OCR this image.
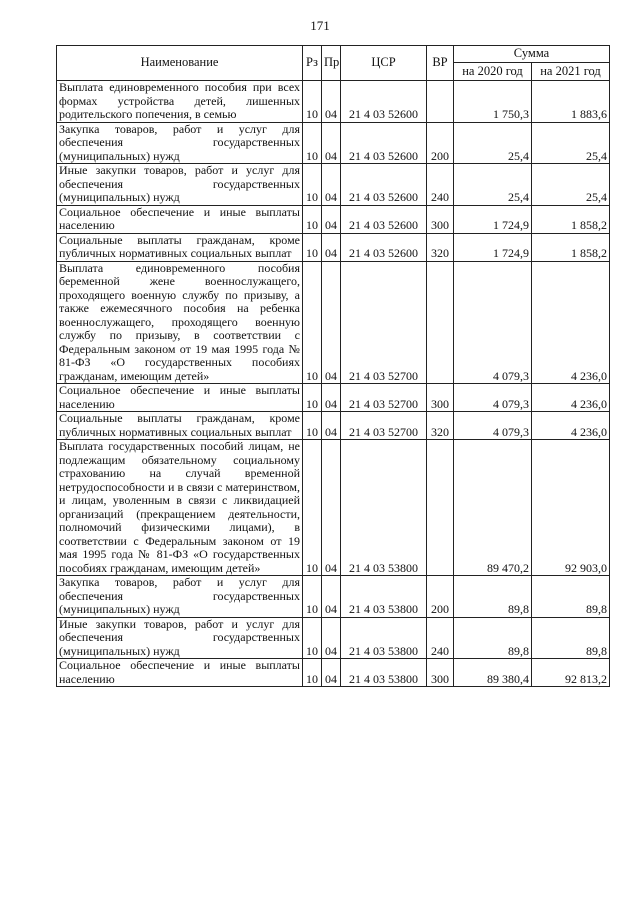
171
Наименование	Рз	Пр	ЦСР	ВР	Сумма	
					на 2020 год	на 2021 год
Выплата единовременного пособия при всех формах устройства детей, лишенных родительского попечения, в семью	10	04	21 4 03 52600		1 750,3	1 883,6
Закупка товаров, работ и услуг для обеспечения государственных (муниципальных) нужд	10	04	21 4 03 52600	200	25,4	25,4
Иные закупки товаров, работ и услуг для обеспечения государственных (муниципальных) нужд	10	04	21 4 03 52600	240	25,4	25,4
Социальное обеспечение и иные выплаты населению	10	04	21 4 03 52600	300	1 724,9	1 858,2
Социальные выплаты гражданам, кроме публичных нормативных социальных выплат	10	04	21 4 03 52600	320	1 724,9	1 858,2
Выплата единовременного пособия беременной жене военнослужащего, проходящего военную службу по призыву, а также ежемесячного пособия на ребенка военнослужащего, проходящего военную службу по призыву, в соответствии с Федеральным законом от 19 мая 1995 года № 81-ФЗ «О государственных пособиях гражданам, имеющим детей»	10	04	21 4 03 52700		4 079,3	4 236,0
Социальное обеспечение и иные выплаты населению	10	04	21 4 03 52700	300	4 079,3	4 236,0
Социальные выплаты гражданам, кроме публичных нормативных социальных выплат	10	04	21 4 03 52700	320	4 079,3	4 236,0
Выплата государственных пособий лицам, не подлежащим обязательному социальному страхованию на случай временной нетрудоспособности и в связи с материнством, и лицам, уволенным в связи с ликвидацией организаций (прекращением деятельности, полномочий физическими лицами), в соответствии с Федеральным законом от 19 мая 1995 года № 81-ФЗ «О государственных пособиях гражданам, имеющим детей»	10	04	21 4 03 53800		89 470,2	92 903,0
Закупка товаров, работ и услуг для обеспечения государственных (муниципальных) нужд	10	04	21 4 03 53800	200	89,8	89,8
Иные закупки товаров, работ и услуг для обеспечения государственных (муниципальных) нужд	10	04	21 4 03 53800	240	89,8	89,8
Социальное обеспечение и иные выплаты населению	10	04	21 4 03 53800	300	89 380,4	92 813,2
